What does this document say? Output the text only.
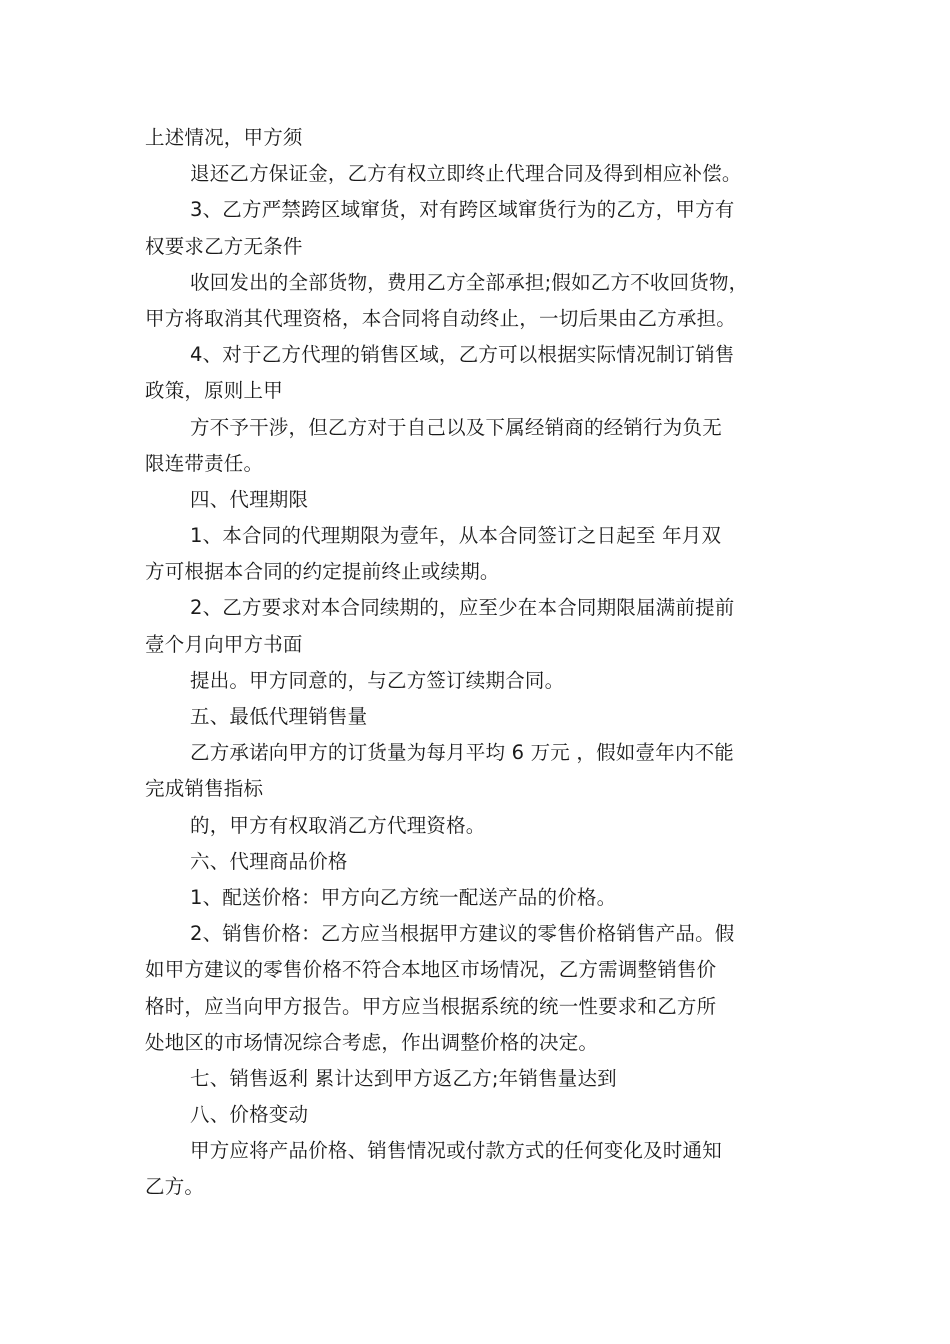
上述情况，甲方须
退还乙方保证金，乙方有权立即终止代理合同及得到相应补偿。
3、乙方严禁跨区域窜货，对有跨区域窜货行为的乙方，甲方有
权要求乙方无条件
收回发出的全部货物，费用乙方全部承担;假如乙方不收回货物，
甲方将取消其代理资格，本合同将自动终止，一切后果由乙方承担。
4、对于乙方代理的销售区域，乙方可以根据实际情况制订销售
政策，原则上甲
方不予干涉，但乙方对于自己以及下属经销商的经销行为负无
限连带责任。
四、代理期限
1、本合同的代理期限为壹年，从本合同签订之日起至 年月双
方可根据本合同的约定提前终止或续期。
2、乙方要求对本合同续期的，应至少在本合同期限届满前提前
壹个月向甲方书面
提出。甲方同意的，与乙方签订续期合同。
五、最低代理销售量
乙方承诺向甲方的订货量为每月平均 6 万元 ，假如壹年内不能
完成销售指标
的，甲方有权取消乙方代理资格。
六、代理商品价格
1、配送价格：甲方向乙方统一配送产品的价格。
2、销售价格：乙方应当根据甲方建议的零售价格销售产品。假
如甲方建议的零售价格不符合本地区市场情况，乙方需调整销售价
格时，应当向甲方报告。甲方应当根据系统的统一性要求和乙方所
处地区的市场情况综合考虑，作出调整价格的决定。
七、销售返利 累计达到甲方返乙方;年销售量达到
八、价格变动
甲方应将产品价格、销售情况或付款方式的任何变化及时通知
乙方。
